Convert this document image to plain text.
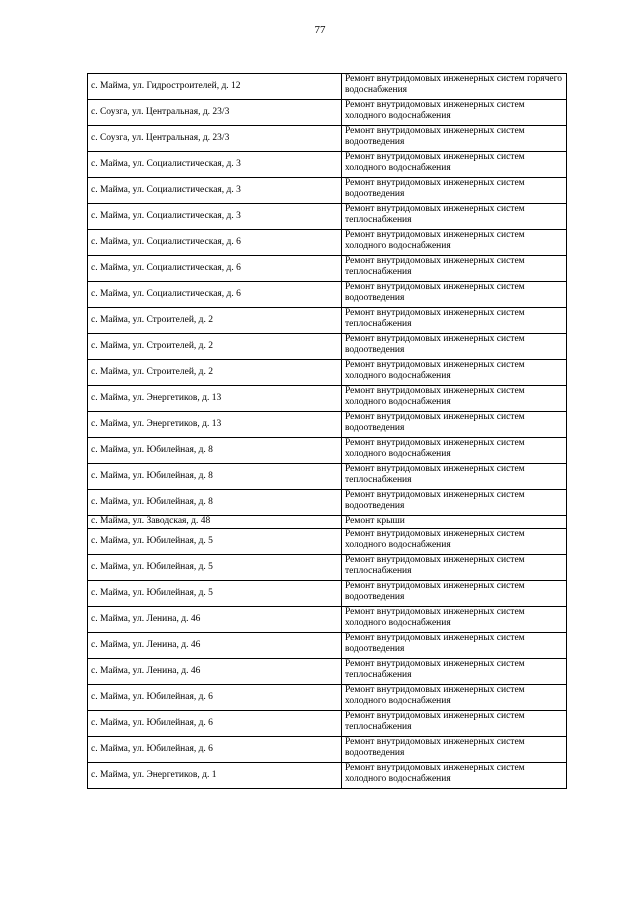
77
с. Майма, ул. Гидростроителей, д. 12	Ремонт внутридомовых инженерных систем горячего водоснабжения
с. Соузга, ул. Центральная, д. 23/3	Ремонт внутридомовых инженерных систем холодного водоснабжения
с. Соузга, ул. Центральная, д. 23/3	Ремонт внутридомовых инженерных систем водоотведения
с. Майма, ул. Социалистическая, д. 3	Ремонт внутридомовых инженерных систем холодного водоснабжения
с. Майма, ул. Социалистическая, д. 3	Ремонт внутридомовых инженерных систем водоотведения
с. Майма, ул. Социалистическая, д. 3	Ремонт внутридомовых инженерных систем теплоснабжения
с. Майма, ул. Социалистическая, д. 6	Ремонт внутридомовых инженерных систем холодного водоснабжения
с. Майма, ул. Социалистическая, д. 6	Ремонт внутридомовых инженерных систем теплоснабжения
с. Майма, ул. Социалистическая, д. 6	Ремонт внутридомовых инженерных систем водоотведения
с. Майма, ул. Строителей, д. 2	Ремонт внутридомовых инженерных систем теплоснабжения
с. Майма, ул. Строителей, д. 2	Ремонт внутридомовых инженерных систем водоотведения
с. Майма, ул. Строителей, д. 2	Ремонт внутридомовых инженерных систем холодного водоснабжения
с. Майма, ул. Энергетиков, д. 13	Ремонт внутридомовых инженерных систем холодного водоснабжения
с. Майма, ул. Энергетиков, д. 13	Ремонт внутридомовых инженерных систем водоотведения
с. Майма, ул. Юбилейная, д. 8	Ремонт внутридомовых инженерных систем холодного водоснабжения
с. Майма, ул. Юбилейная, д. 8	Ремонт внутридомовых инженерных систем теплоснабжения
с. Майма, ул. Юбилейная, д. 8	Ремонт внутридомовых инженерных систем водоотведения
с. Майма, ул. Заводская, д. 48	Ремонт крыши
с. Майма, ул. Юбилейная, д. 5	Ремонт внутридомовых инженерных систем холодного водоснабжения
с. Майма, ул. Юбилейная, д. 5	Ремонт внутридомовых инженерных систем теплоснабжения
с. Майма, ул. Юбилейная, д. 5	Ремонт внутридомовых инженерных систем водоотведения
с. Майма, ул. Ленина, д. 46	Ремонт внутридомовых инженерных систем холодного водоснабжения
с. Майма, ул. Ленина, д. 46	Ремонт внутридомовых инженерных систем водоотведения
с. Майма, ул. Ленина, д. 46	Ремонт внутридомовых инженерных систем теплоснабжения
с. Майма, ул. Юбилейная, д. 6	Ремонт внутридомовых инженерных систем холодного водоснабжения
с. Майма, ул. Юбилейная, д. 6	Ремонт внутридомовых инженерных систем теплоснабжения
с. Майма, ул. Юбилейная, д. 6	Ремонт внутридомовых инженерных систем водоотведения
с. Майма, ул. Энергетиков, д. 1	Ремонт внутридомовых инженерных систем холодного водоснабжения
